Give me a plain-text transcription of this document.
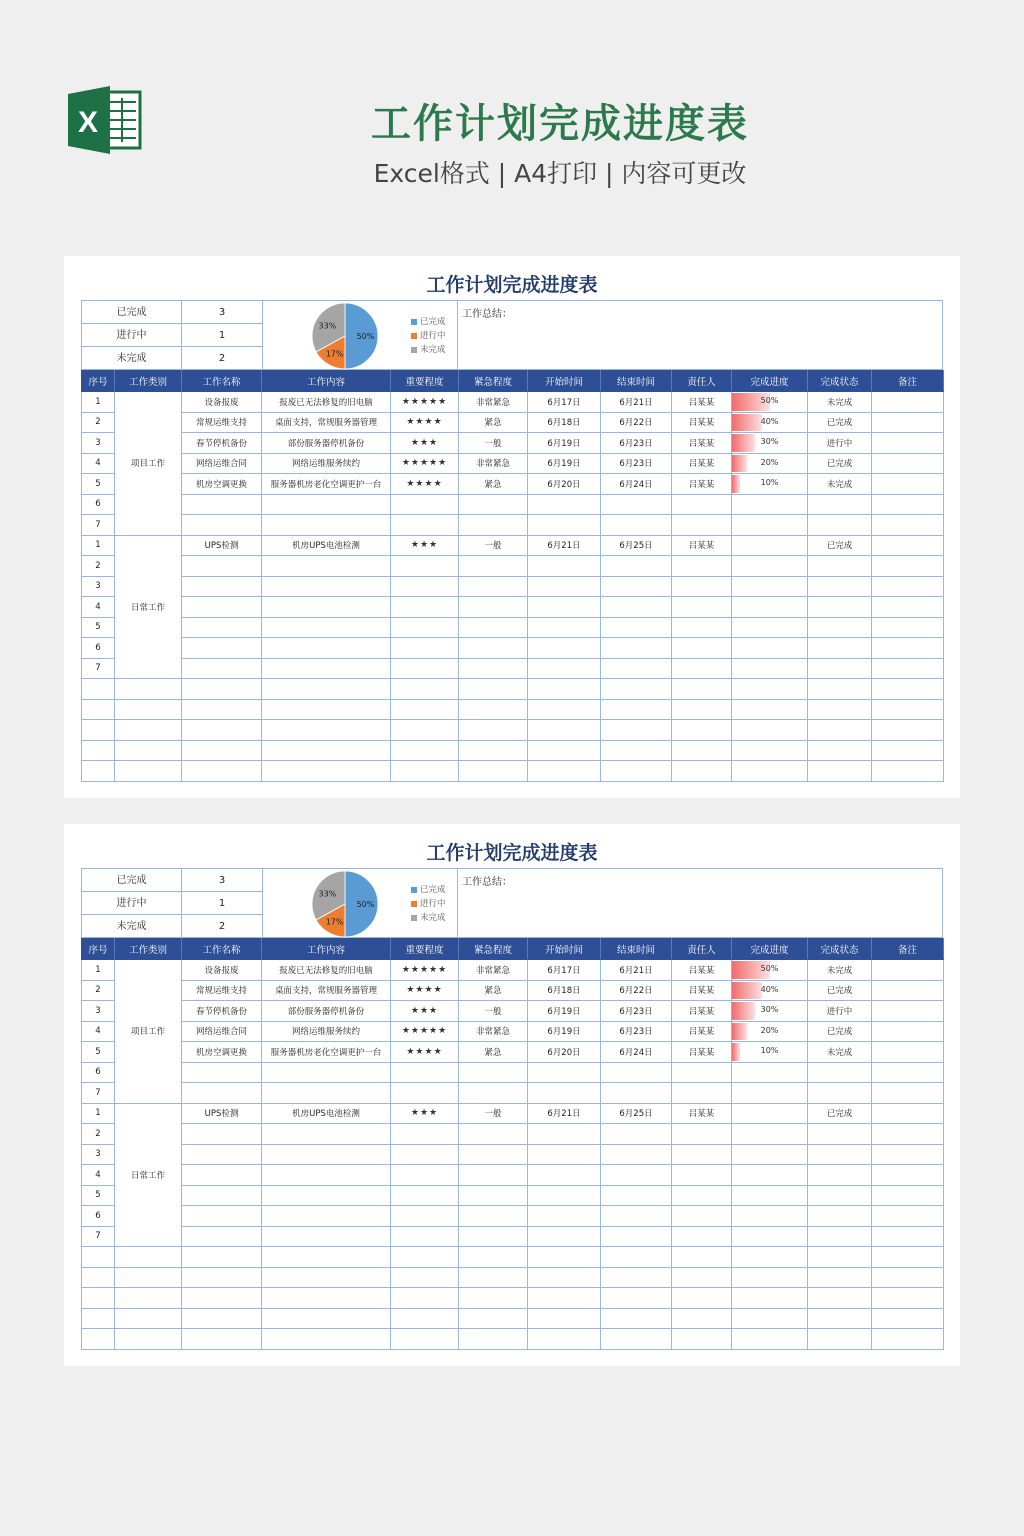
X	工作计划完成进度表
Excel格式 | A4打印 | 内容可更改
工作计划完成进度表
已完成	3
进行中	1
未完成	2
50%
17%
33%	已完成
进行中
未完成
工作总结：
序号	工作类别	工作名称	工作内容	重要程度	紧急程度	开始时间	结束时间	责任人	完成进度	完成状态	备注
1	项目工作	设备报废	报废已无法修复的旧电脑	★★★★★	非常紧急	6月17日	6月21日	吕某某	50%	未完成	
2		常规运维支持	桌面支持，常规服务器管理	★★★★	紧急	6月18日	6月22日	吕某某	40%	已完成	
3		春节停机备份	部份服务器停机备份	★★★	一般	6月19日	6月23日	吕某某	30%	进行中	
4		网络运维合同	网络运维服务续约	★★★★★	非常紧急	6月19日	6月23日	吕某某	20%	已完成	
5		机房空调更换	服务器机房老化空调更护一台	★★★★	紧急	6月20日	6月24日	吕某某	10%	未完成	
6											
7											
1	日常工作	UPS检测	机房UPS电池检测	★★★	一般	6月21日	6月25日	吕某某		已完成	
2											
3											
4											
5											
6											
7											

工作计划完成进度表
已完成	3
进行中	1
未完成	2
50%
17%
33%	已完成
进行中
未完成
工作总结：
序号	工作类别	工作名称	工作内容	重要程度	紧急程度	开始时间	结束时间	责任人	完成进度	完成状态	备注
1	项目工作	设备报废	报废已无法修复的旧电脑	★★★★★	非常紧急	6月17日	6月21日	吕某某	50%	未完成	
2		常规运维支持	桌面支持，常规服务器管理	★★★★	紧急	6月18日	6月22日	吕某某	40%	已完成	
3		春节停机备份	部份服务器停机备份	★★★	一般	6月19日	6月23日	吕某某	30%	进行中	
4		网络运维合同	网络运维服务续约	★★★★★	非常紧急	6月19日	6月23日	吕某某	20%	已完成	
5		机房空调更换	服务器机房老化空调更护一台	★★★★	紧急	6月20日	6月24日	吕某某	10%	未完成	
6											
7											
1	日常工作	UPS检测	机房UPS电池检测	★★★	一般	6月21日	6月25日	吕某某		已完成	
2											
3											
4											
5											
6											
7											
